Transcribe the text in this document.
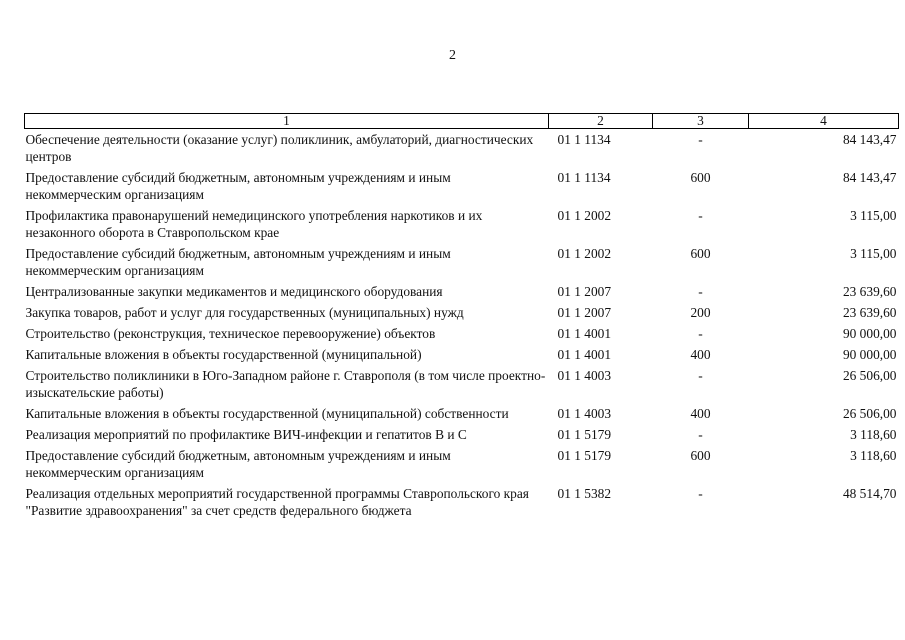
2
1	2	3	4
Обеспечение деятельности (оказание услуг) поликлиник, амбулаторий, диагностических центров	01 1 1134	-	84 143,47
Предоставление субсидий бюджетным, автономным учреждениям и иным некоммерческим организациям	01 1 1134	600	84 143,47
Профилактика правонарушений немедицинского употребления наркотиков и их незаконного оборота в Ставропольском крае	01 1 2002	-	3 115,00
Предоставление субсидий бюджетным, автономным учреждениям и иным некоммерческим организациям	01 1 2002	600	3 115,00
Централизованные закупки медикаментов и медицинского оборудования	01 1 2007	-	23 639,60
Закупка товаров, работ и услуг для государственных (муниципальных) нужд	01 1 2007	200	23 639,60
Строительство (реконструкция, техническое перевооружение) объектов	01 1 4001	-	90 000,00
Капитальные вложения в объекты государственной (муниципальной)	01 1 4001	400	90 000,00
Строительство поликлиники в Юго-Западном районе г. Ставрополя (в том числе проектно-изыскательские работы)	01 1 4003	-	26 506,00
Капитальные вложения в объекты государственной (муниципальной) собственности	01 1 4003	400	26 506,00
Реализация мероприятий по профилактике ВИЧ-инфекции и гепатитов В и С	01 1 5179	-	3 118,60
Предоставление субсидий бюджетным, автономным учреждениям и иным некоммерческим организациям	01 1 5179	600	3 118,60
Реализация отдельных мероприятий государственной программы Ставропольского края "Развитие здравоохранения" за счет средств федерального бюджета	01 1 5382	-	48 514,70
